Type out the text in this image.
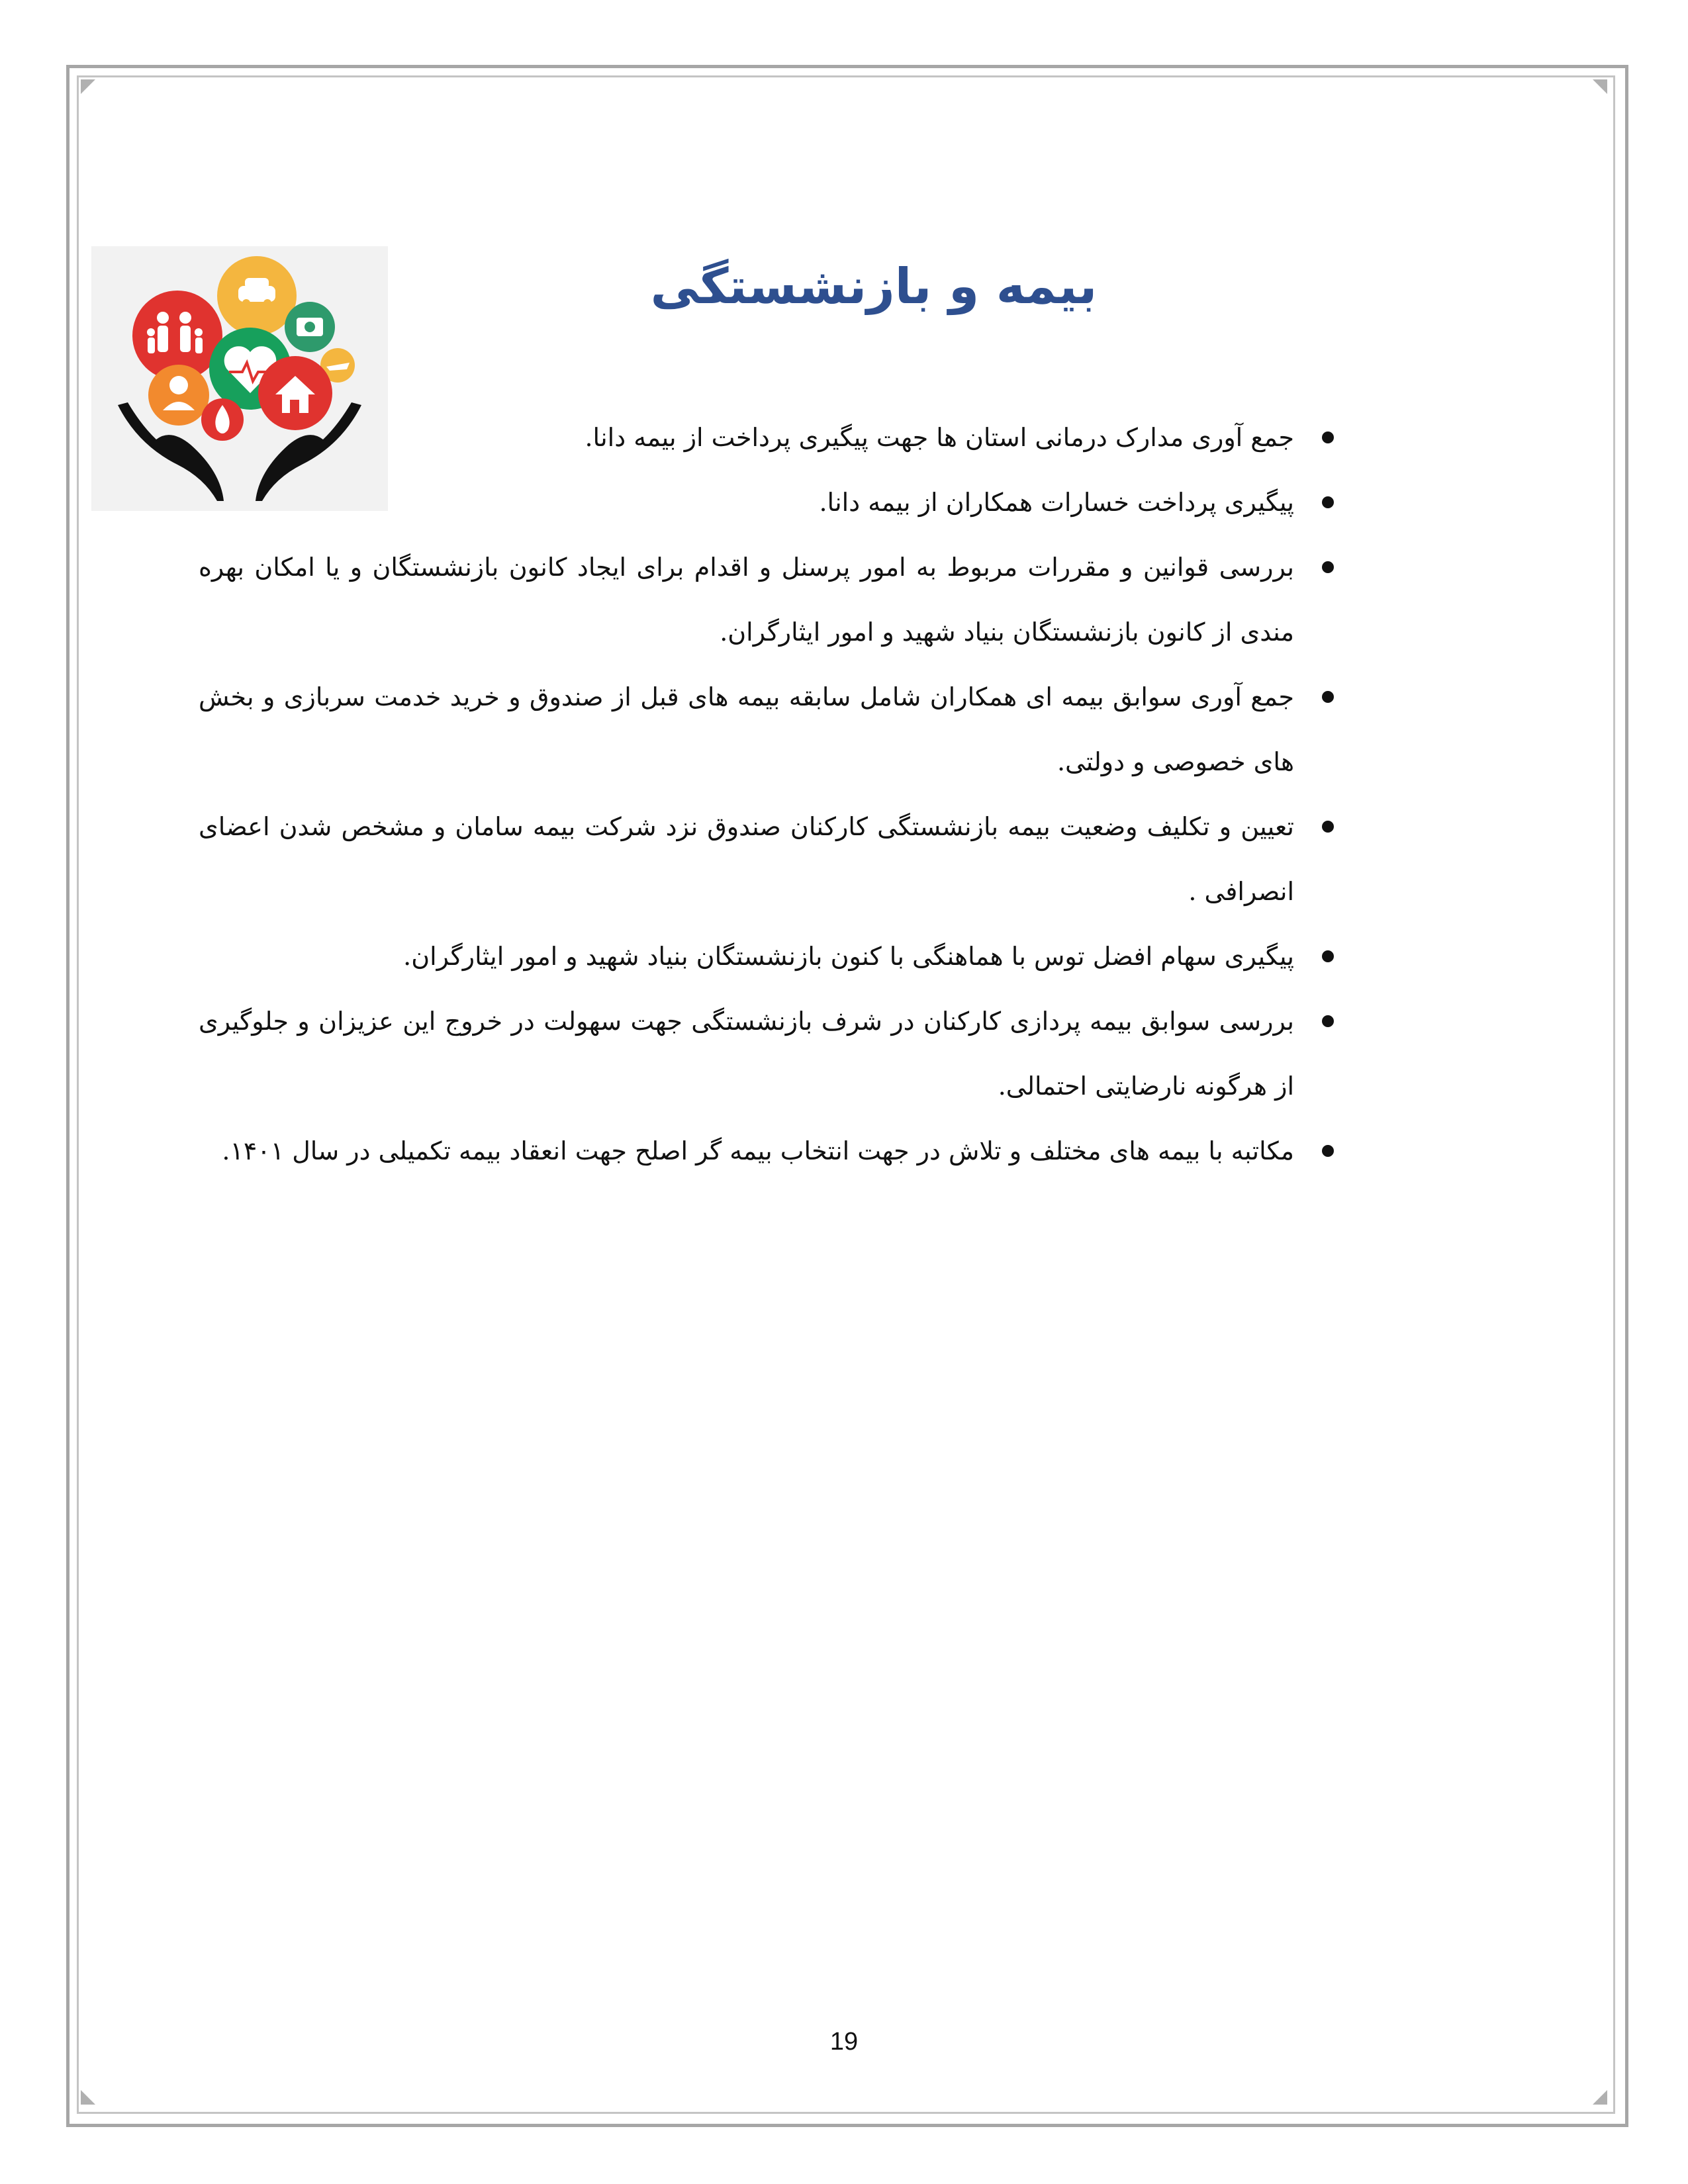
بیمه و بازنشستگی
جمع آوری مدارک درمانی استان ها جهت پیگیری پرداخت از بیمه دانا.
پیگیری پرداخت خسارات همکاران از بیمه دانا.
بررسی قوانین و مقررات مربوط به امور پرسنل و اقدام برای ایجاد کانون بازنشستگان و یا امکان بهره مندی از کانون بازنشستگان بنیاد شهید و امور ایثارگران.
جمع آوری سوابق بیمه ای همکاران شامل سابقه بیمه های قبل از صندوق و خرید خدمت سربازی و بخش های خصوصی و دولتی.
تعیین و تکلیف وضعیت بیمه بازنشستگی کارکنان صندوق نزد شرکت بیمه سامان و مشخص شدن اعضای انصرافی .
پیگیری سهام افضل توس با هماهنگی با کنون بازنشستگان بنیاد شهید و امور ایثارگران.
بررسی سوابق بیمه پردازی کارکنان در شرف بازنشستگی جهت سهولت در خروج این عزیزان و جلوگیری از هرگونه نارضایتی احتمالی.
مکاتبه با بیمه های مختلف و تلاش در جهت انتخاب بیمه گر اصلح جهت انعقاد بیمه تکمیلی در سال ۱۴۰۱.
19
